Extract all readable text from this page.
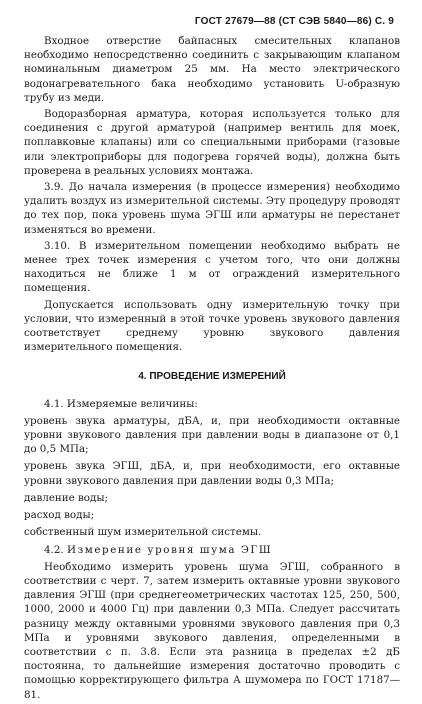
ГОСТ 27679—88 (СТ СЭВ 5840—86) С. 9

Входное отверстие байпасных смесительных клапанов необходимо непосредственно соединить с закрывающим клапаном номинальным диаметром 25 мм. На место электрического водонагревательного бака необходимо установить U-образную трубу из меди.

Водоразборная арматура, которая используется только для соединения с другой арматурой (например вентиль для моек, поплавковые клапаны) или со специальными приборами (газовые или электроприборы для подогрева горячей воды), должна быть проверена в реальных условиях монтажа.

3.9. До начала измерения (в процессе измерения) необходимо удалить воздух из измерительной системы. Эту процедуру проводят до тех пор, пока уровень шума ЭГШ или арматуры не перестанет изменяться во времени.

3.10. В измерительном помещении необходимо выбрать не менее трех точек измерения с учетом того, что они должны находиться не ближе 1 м от ограждений измерительного помещения.

Допускается использовать одну измерительную точку при условии, что измеренный в этой точке уровень звукового давления соответствует среднему уровню звукового давления измерительного помещения.

4. ПРОВЕДЕНИЕ ИЗМЕРЕНИЙ

4.1. Измеряемые величины:

уровень звука арматуры, дБА, и, при необходимости октавные уровни звукового давления при давлении воды в диапазоне от 0,1 до 0,5 МПа;

уровень звука ЭГШ, дБА, и, при необходимости, его октавные уровни звукового давления при давлении воды 0,3 МПа;

давление воды;

расход воды;

собственный шум измерительной системы.

4.2. Измерение уровня шума ЭГШ

Необходимо измерить уровень шума ЭГШ, собранного в соответствии с черт. 7, затем измерить октавные уровни звукового давления ЭГШ (при среднегеометрических частотах 125, 250, 500, 1000, 2000 и 4000 Гц) при давлении 0,3 МПа. Следует рассчитать разницу между октавными уровнями звукового давления при 0,3 МПа и уровнями звукового давления, определенными в соответствии с п. 3.8. Если эта разница в пределах ±2 дБ постоянна, то дальнейшие измерения достаточно проводить с помощью корректирующего фильтра А шумомера по ГОСТ 17187—81.
